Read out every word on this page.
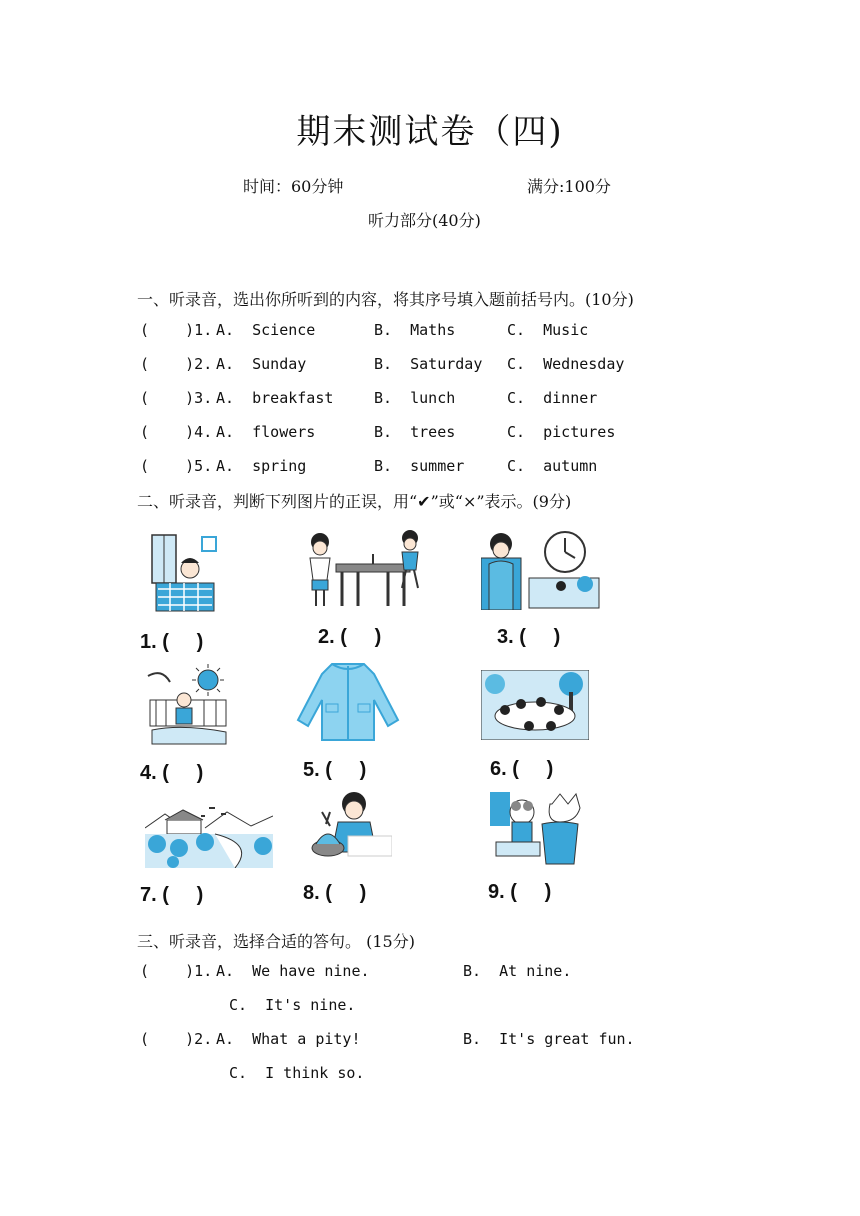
期末测试卷（四)
时间：60分钟	满分:100分
听力部分(40分)
一、听录音，选出你所听到的内容，将其序号填入题前括号内。(10分)
(    )1. A.  Science	B.  Maths	C.  Music
(    )2. A.  Sunday	B.  Saturday C.  Wednesday
(    )3. A.  breakfast	B.  lunch	C.  dinner
(    )4. A.  flowers	B.  trees	C.  pictures
(    )5. A.  spring	B.  summer	C.  autumn
二、听录音，判断下列图片的正误，用“✔”或“×”表示。(9分)
1. (     )	2. (     )	3. (     )
4. (     )	5. (     )	6. (     )
7. (     )	8. (     )	9. (     )
三、听录音，选择合适的答句。 (15分)
(    )1. A.  We have nine.	B.  At nine.
C.  It's nine.
(    )2. A.  What a pity!	B.  It's great fun.
C.  I think so.
